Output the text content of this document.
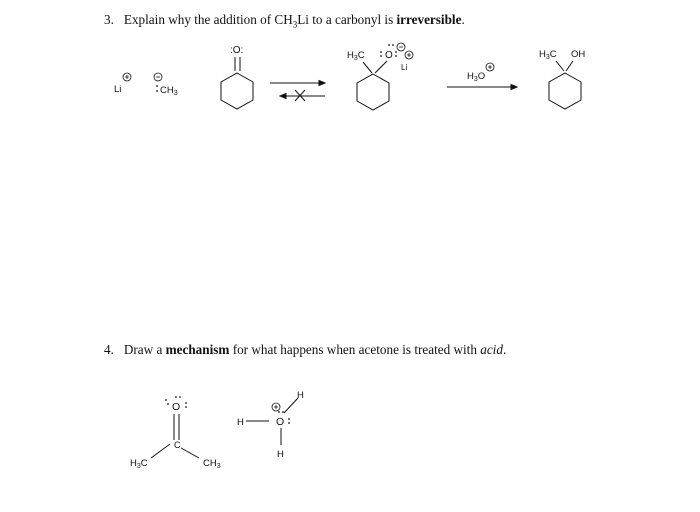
3. Explain why the addition of $CH_3Li$ to a carbonyl is irreversible.
4. Draw a mechanism for what happens when acetone is treated with acid.
Li	$CH_3$
:O:	$H_3C$ O
Li
$H_3O$
$H_3C$ OH
O
C
$H_3C$	$CH_3$
H	O
H
H
